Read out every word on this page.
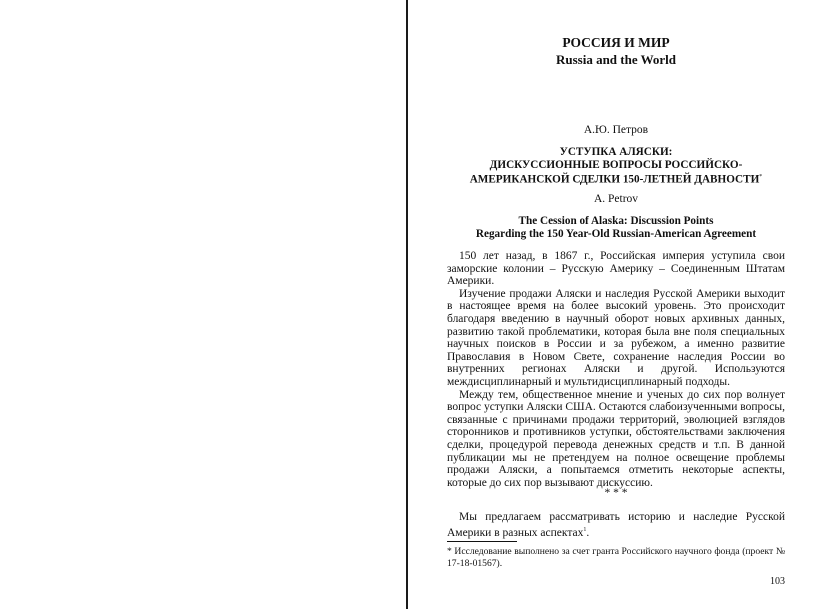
РОССИЯ И МИР
Russia and the World
А.Ю. Петров
УСТУПКА АЛЯСКИ:
ДИСКУССИОННЫЕ ВОПРОСЫ РОССИЙСКО-
АМЕРИКАНСКОЙ СДЕЛКИ 150-ЛЕТНЕЙ ДАВНОСТИ*
A. Petrov
The Cession of Alaska: Discussion Points
Regarding the 150 Year-Old Russian-American Agreement

150 лет назад, в 1867 г., Российская империя уступила свои заморские колонии – Русскую Америку – Соединенным Штатам Америки.

Изучение продажи Аляски и наследия Русской Америки выходит в настоящее время на более высокий уровень. Это происходит благодаря введению в научный оборот новых архивных данных, развитию такой проблематики, которая была вне поля специальных научных поисков в России и за рубежом, а именно развитие Православия в Новом Свете, сохранение наследия России во внутренних регионах Аляски и другой. Используются междисциплинарный и мультидисциплинарный подходы.

Между тем, общественное мнение и ученых до сих пор волнует вопрос уступки Аляски США. Остаются слабоизученными вопросы, связанные с причинами продажи территорий, эволюцией взглядов сторонников и противников уступки, обстоятельствами заключения сделки, процедурой перевода денежных средств и т.п. В данной публикации мы не претендуем на полное освещение проблемы продажи Аляски, а попытаемся отметить некоторые аспекты, которые до сих пор вызывают дискуссию.

* * *

Мы предлагаем рассматривать историю и наследие Русской Америки в разных аспектах$^1$.

* Исследование выполнено за счет гранта Российского научного фонда (проект № 17-18-01567).
103
